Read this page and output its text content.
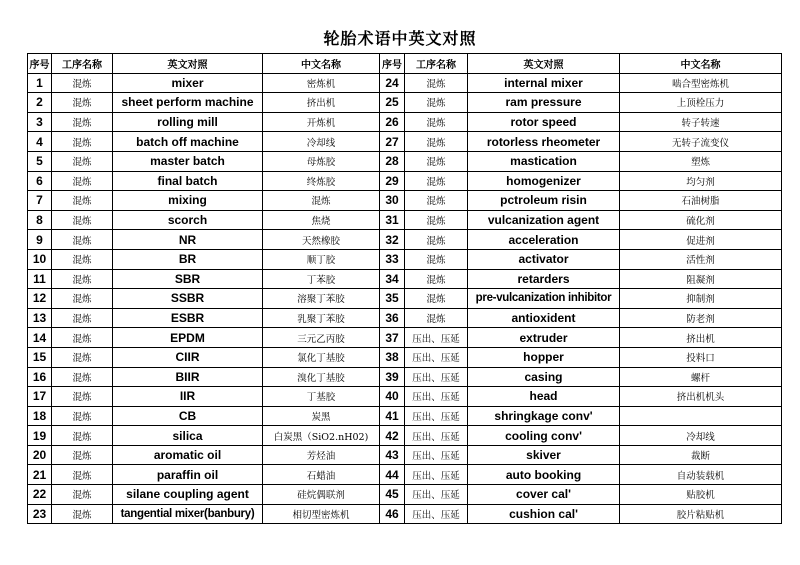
轮胎术语中英文对照
序号	工序名称	英文对照	中文名称	序号	工序名称	英文对照	中文名称
1	混炼	mixer	密炼机	24	混炼	internal mixer	啮合型密炼机
2	混炼	sheet perform machine	挤出机	25	混炼	ram pressure	上顶栓压力
3	混炼	rolling mill	开炼机	26	混炼	rotor speed	转子转速
4	混炼	batch off machine	冷却线	27	混炼	rotorless rheometer	无转子流变仪
5	混炼	master batch	母炼胶	28	混炼	mastication	塑炼
6	混炼	final batch	终炼胶	29	混炼	homogenizer	均匀剂
7	混炼	mixing	混炼	30	混炼	pctroleum risin	石油树脂
8	混炼	scorch	焦烧	31	混炼	vulcanization agent	硫化剂
9	混炼	NR	天然橡胶	32	混炼	acceleration	促进剂
10	混炼	BR	顺丁胶	33	混炼	activator	活性剂
11	混炼	SBR	丁苯胶	34	混炼	retarders	阻凝剂
12	混炼	SSBR	溶聚丁苯胶	35	混炼	pre-vulcanization inhibitor	抑制剂
13	混炼	ESBR	乳聚丁苯胶	36	混炼	antioxident	防老剂
14	混炼	EPDM	三元乙丙胶	37	压出、压延	extruder	挤出机
15	混炼	CIIR	氯化丁基胶	38	压出、压延	hopper	投料口
16	混炼	BIIR	溴化丁基胶	39	压出、压延	casing	螺杆
17	混炼	IIR	丁基胶	40	压出、压延	head	挤出机机头
18	混炼	CB	炭黑	41	压出、压延	shringkage conv'	
19	混炼	silica	白炭黑（SiO2.nH02)	42	压出、压延	cooling conv'	冷却线
20	混炼	aromatic oil	芳烃油	43	压出、压延	skiver	裁断
21	混炼	paraffin oil	石蜡油	44	压出、压延	auto booking	自动装载机
22	混炼	silane coupling agent	硅烷偶联剂	45	压出、压延	cover cal'	贴胶机
23	混炼	tangential mixer(banbury)	相切型密炼机	46	压出、压延	cushion cal'	胶片粘贴机
